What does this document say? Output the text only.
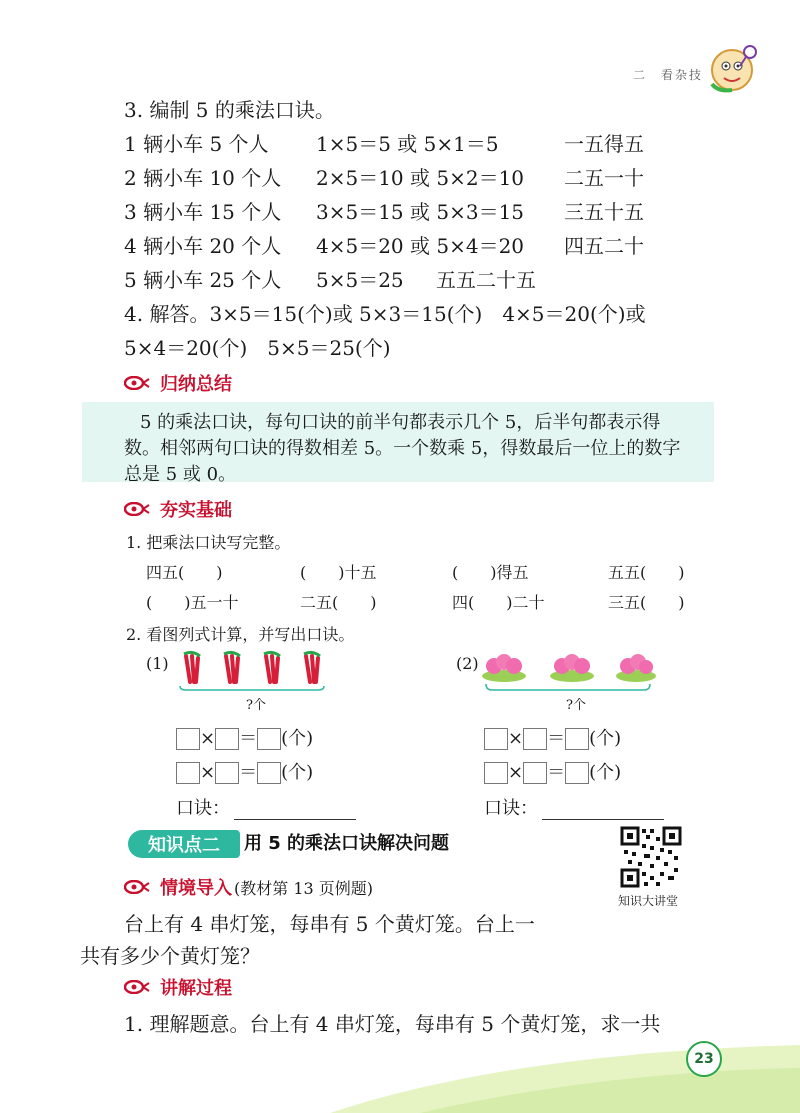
二　看杂技
3. 编制 5 的乘法口诀。
1 辆小车 5 个人 1×5＝5 或 5×1＝5	一五得五
2 辆小车 10 个人 2×5＝10 或 5×2＝10 二五一十
3 辆小车 15 个人 3×5＝15 或 5×3＝15 三五十五
4 辆小车 20 个人 4×5＝20 或 5×4＝20 四五二十
5 辆小车 25 个人 5×5＝25 五五二十五
4. 解答。3×5＝15(个)或 5×3＝15(个)　4×5＝20(个)或
5×4＝20(个)　5×5＝25(个)
归纳总结
5 的乘法口诀，每句口诀的前半句都表示几个 5，后半句都表示得
数。相邻两句口诀的得数相差 5。一个数乘 5，得数最后一位上的数字
总是 5 或 0。
夯实基础
1. 把乘法口诀写完整。
四五(　　)	(　　)十五	(　　)得五	五五(　　)
(　　)五一十	二五(　　)	四(　　)二十	三五(　　)
2. 看图列式计算，并写出口诀。
(1)
?个
(2)
?个
× ＝ (个)
× ＝ (个)
口诀：
× ＝ (个)
× ＝ (个)
口诀：
知识点二	用 5 的乘法口诀解决问题
知识大讲堂
情境导入 (教材第 13 页例题)
台上有 4 串灯笼，每串有 5 个黄灯笼。台上一
共有多少个黄灯笼？
讲解过程
1. 理解题意。台上有 4 串灯笼，每串有 5 个黄灯笼，求一共
23
